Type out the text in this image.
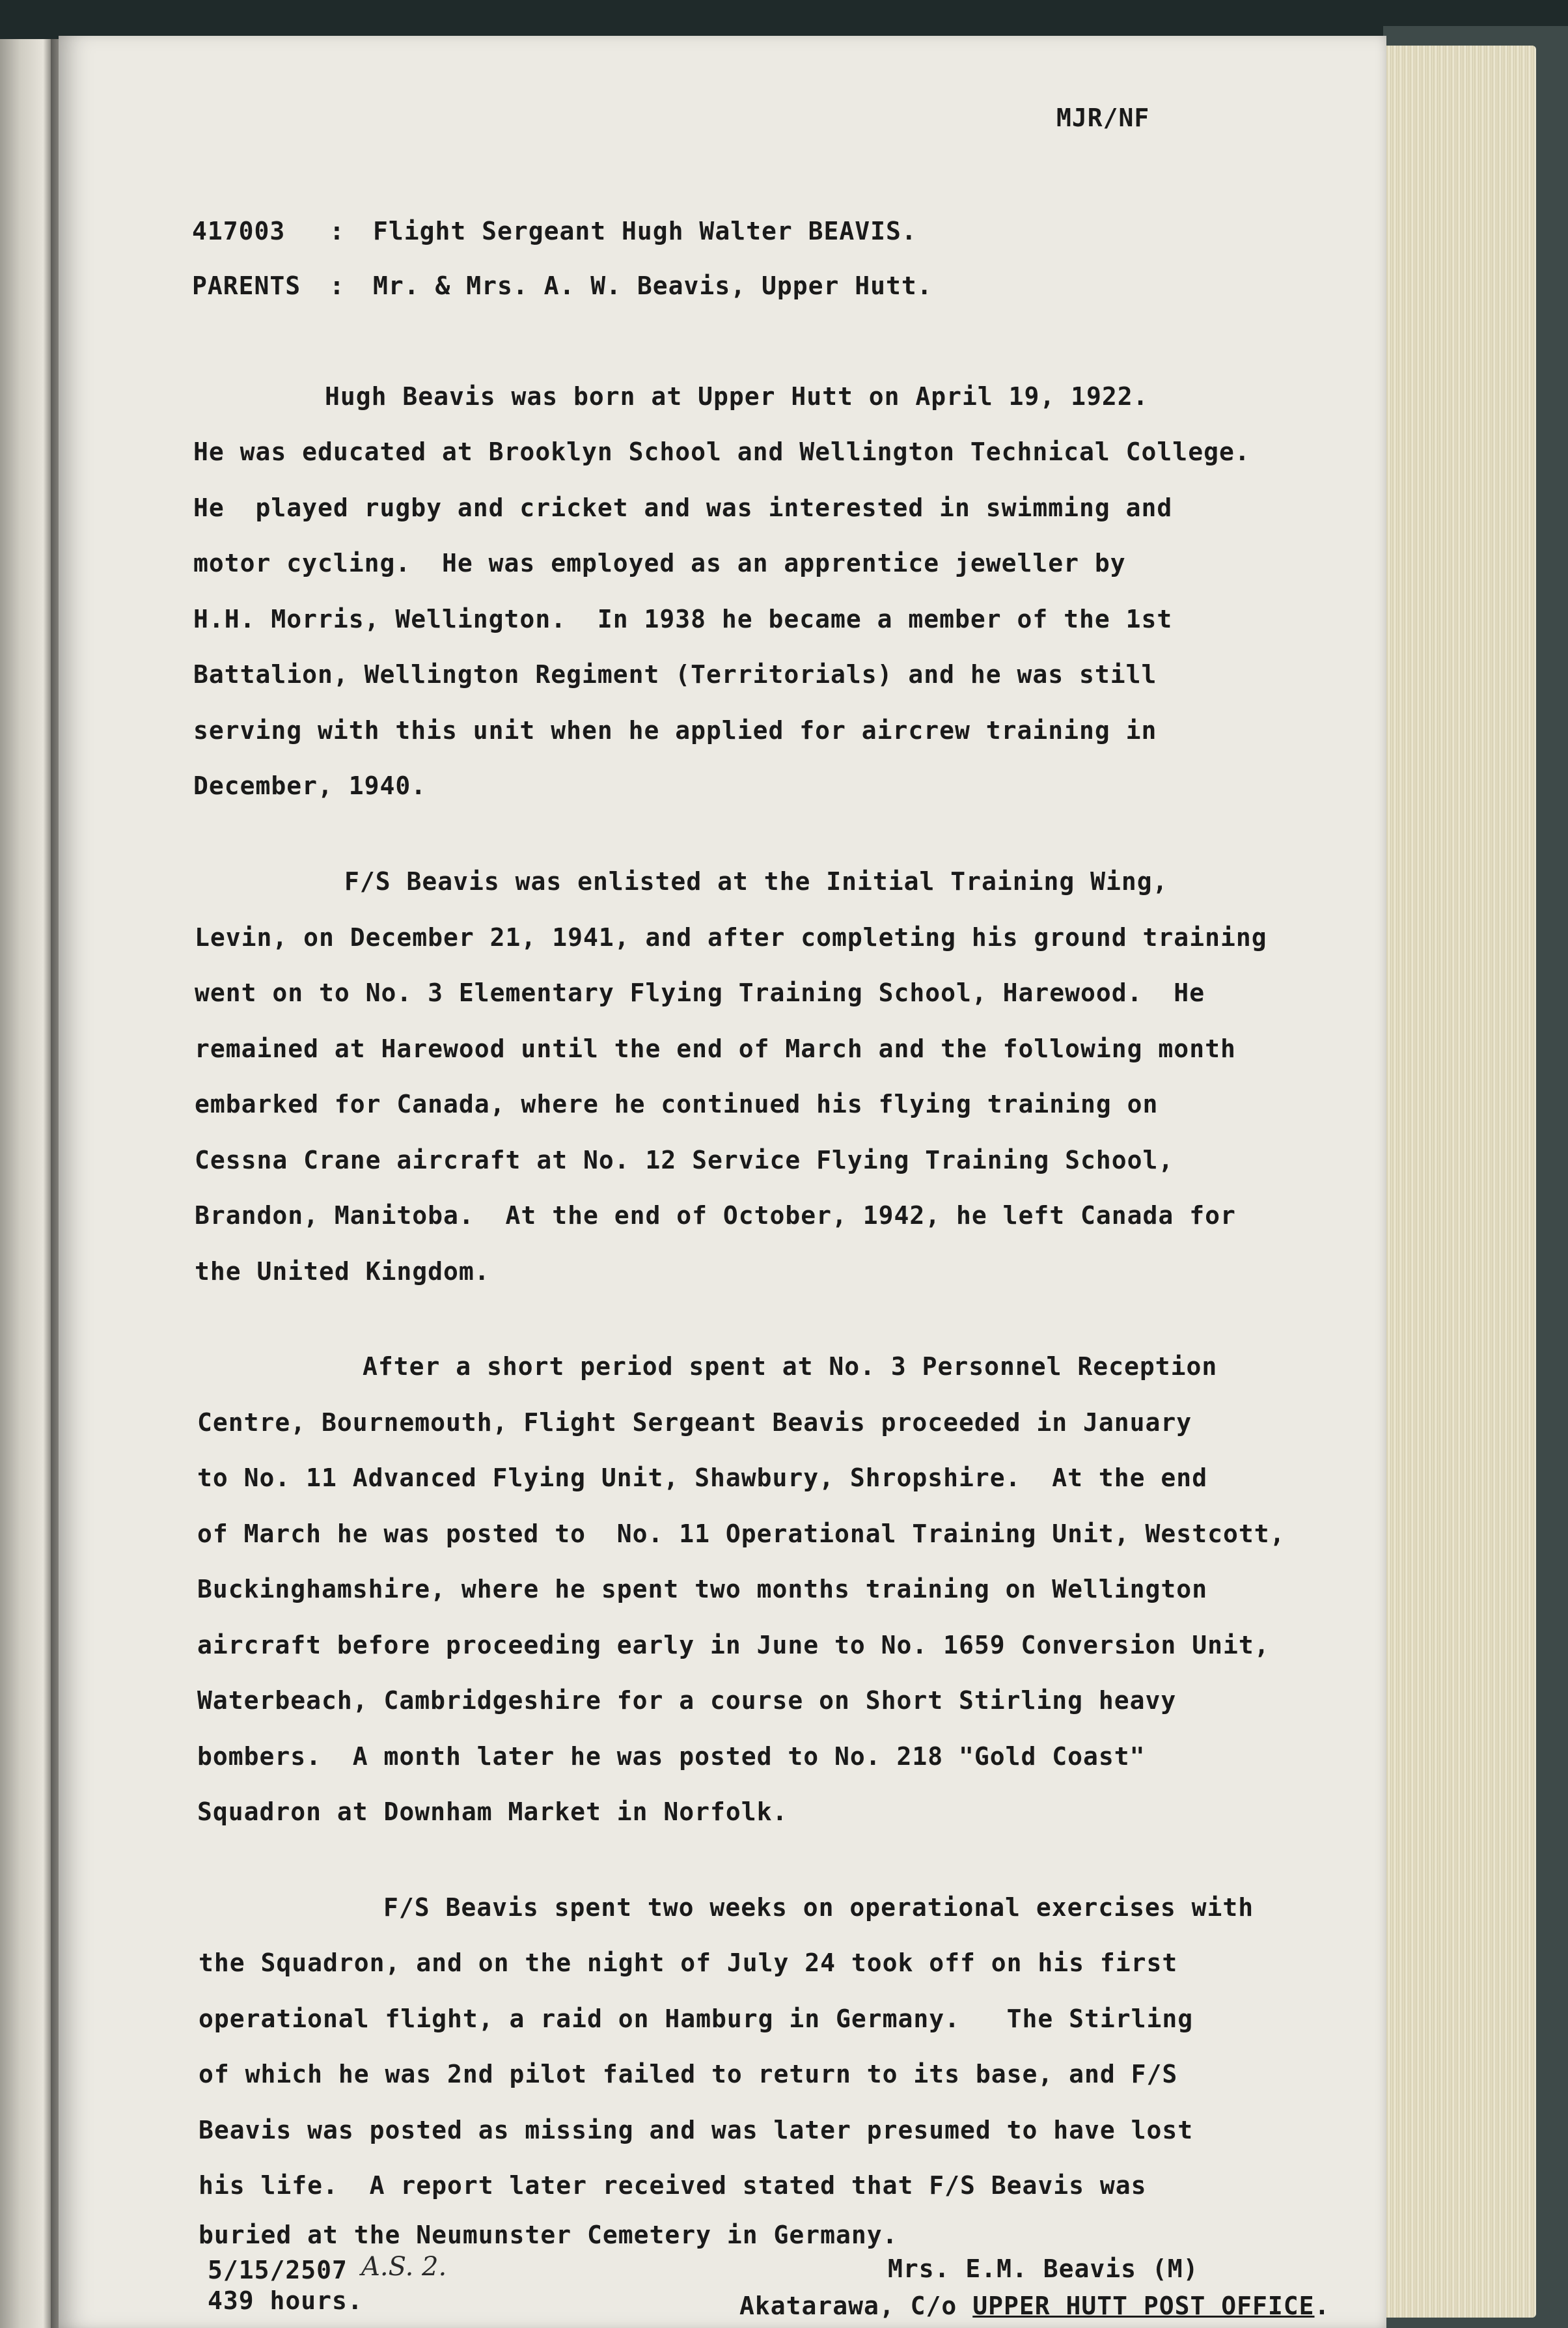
MJR/NF
417003 : Flight Sergeant Hugh Walter BEAVIS.
PARENTS : Mr. & Mrs. A. W. Beavis, Upper Hutt.
Hugh Beavis was born at Upper Hutt on April 19, 1922.
He was educated at Brooklyn School and Wellington Technical College.
He  played rugby and cricket and was interested in swimming and
motor cycling.  He was employed as an apprentice jeweller by
H.H. Morris, Wellington.  In 1938 he became a member of the 1st
Battalion, Wellington Regiment (Territorials) and he was still
serving with this unit when he applied for aircrew training in
December, 1940.
F/S Beavis was enlisted at the Initial Training Wing,
Levin, on December 21, 1941, and after completing his ground training
went on to No. 3 Elementary Flying Training School, Harewood.  He
remained at Harewood until the end of March and the following month
embarked for Canada, where he continued his flying training on
Cessna Crane aircraft at No. 12 Service Flying Training School,
Brandon, Manitoba.  At the end of October, 1942, he left Canada for
the United Kingdom.
After a short period spent at No. 3 Personnel Reception
Centre, Bournemouth, Flight Sergeant Beavis proceeded in January
to No. 11 Advanced Flying Unit, Shawbury, Shropshire.  At the end
of March he was posted to  No. 11 Operational Training Unit, Westcott,
Buckinghamshire, where he spent two months training on Wellington
aircraft before proceeding early in June to No. 1659 Conversion Unit,
Waterbeach, Cambridgeshire for a course on Short Stirling heavy
bombers.  A month later he was posted to No. 218 "Gold Coast"
Squadron at Downham Market in Norfolk.
F/S Beavis spent two weeks on operational exercises with
the Squadron, and on the night of July 24 took off on his first
operational flight, a raid on Hamburg in Germany.   The Stirling
of which he was 2nd pilot failed to return to its base, and F/S
Beavis was posted as missing and was later presumed to have lost
his life.  A report later received stated that F/S Beavis was
buried at the Neumunster Cemetery in Germany.
5/15/2507 A.S. 2.
439 hours.
Mrs. E.M. Beavis (M)
Akatarawa, C/o UPPER HUTT POST OFFICE.
